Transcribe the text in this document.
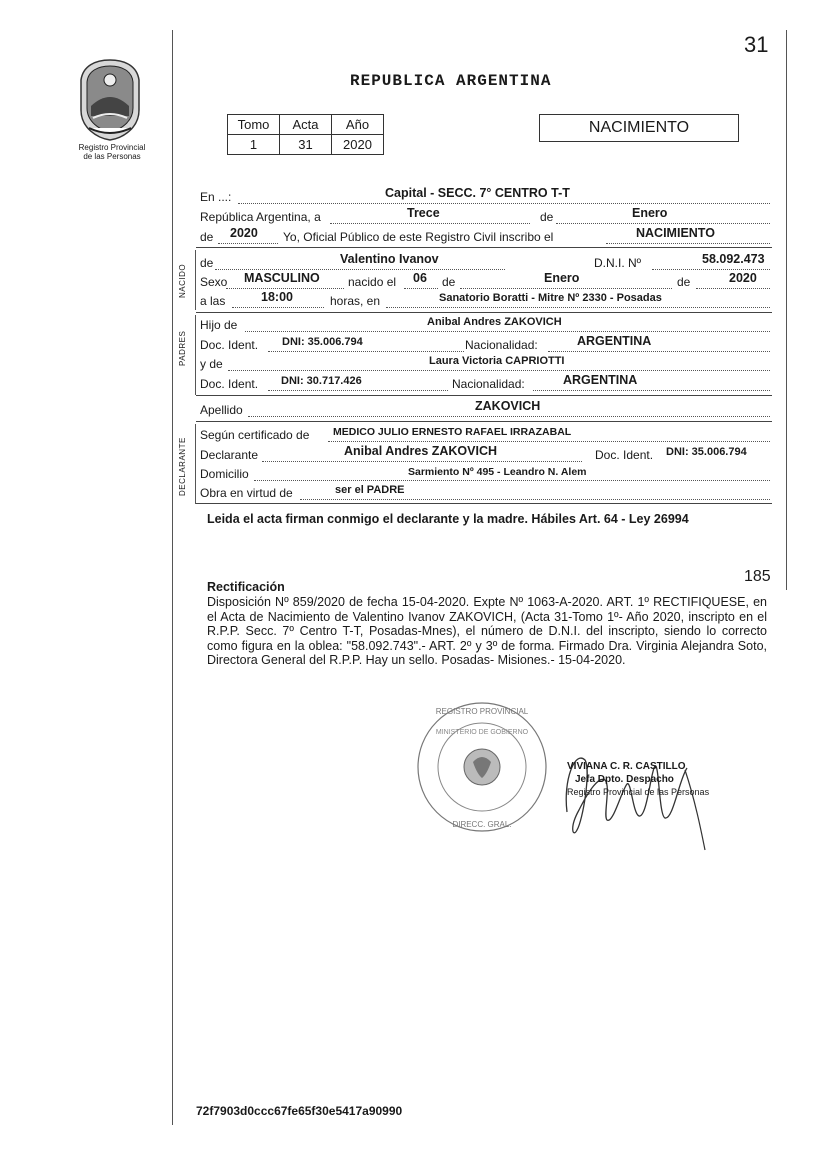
Registro Provincial
de las Personas
31
REPUBLICA ARGENTINA
Tomo	Acta	Año
1	31	2020
NACIMIENTO
En ...:	Capital - SECC. 7° CENTRO T-T
República Argentina, a	Trece	de	Enero
de 2020 Yo, Oficial Público de este Registro Civil inscribo el	NACIMIENTO
NACIDO
de	Valentino Ivanov	D.N.I. Nº	58.092.473
Sexo MASCULINO nacido el 06 de	Enero	de	2020
a las	18:00	horas, en	Sanatorio Boratti - Mitre Nº 2330 - Posadas
PADRES
Hijo de	Anibal Andres ZAKOVICH
Doc. Ident. DNI: 35.006.794	Nacionalidad:	ARGENTINA
y de	Laura Victoria CAPRIOTTI
Doc. Ident. DNI: 30.717.426	Nacionalidad:	ARGENTINA
Apellido	ZAKOVICH
DECLARANTE
Según certificado de MEDICO JULIO ERNESTO RAFAEL IRRAZABAL
Declarante	Anibal Andres ZAKOVICH	Doc. Ident. DNI: 35.006.794
Domicilio	Sarmiento Nº 495 - Leandro N. Alem
Obra en virtud de	ser el PADRE
Leida el acta firman conmigo el declarante y la madre. Hábiles Art. 64 - Ley 26994
185
Rectificación
Disposición Nº 859/2020 de fecha 15-04-2020. Expte Nº 1063-A-2020. ART. 1º RECTIFIQUESE, en el Acta de Nacimiento de Valentino Ivanov ZAKOVICH, (Acta 31-Tomo 1º- Año 2020, inscripto en el R.P.P. Secc. 7º Centro T-T, Posadas-Mnes), el número de D.N.I. del inscripto, siendo lo correcto como figura en la oblea: "58.092.743".- ART. 2º y 3º de forma. Firmado Dra. Virginia Alejandra Soto, Directora General del R.P.P. Hay un sello. Posadas- Misiones.- 15-04-2020.
REGISTRO PROVINCIAL
DIRECC. GRAL.
MINISTERIO DE GOBIERNO
VIVIANA C. R. CASTILLO
Jefa Dpto. Despacho
Registro Provincial de las Personas
72f7903d0ccc67fe65f30e5417a90990
